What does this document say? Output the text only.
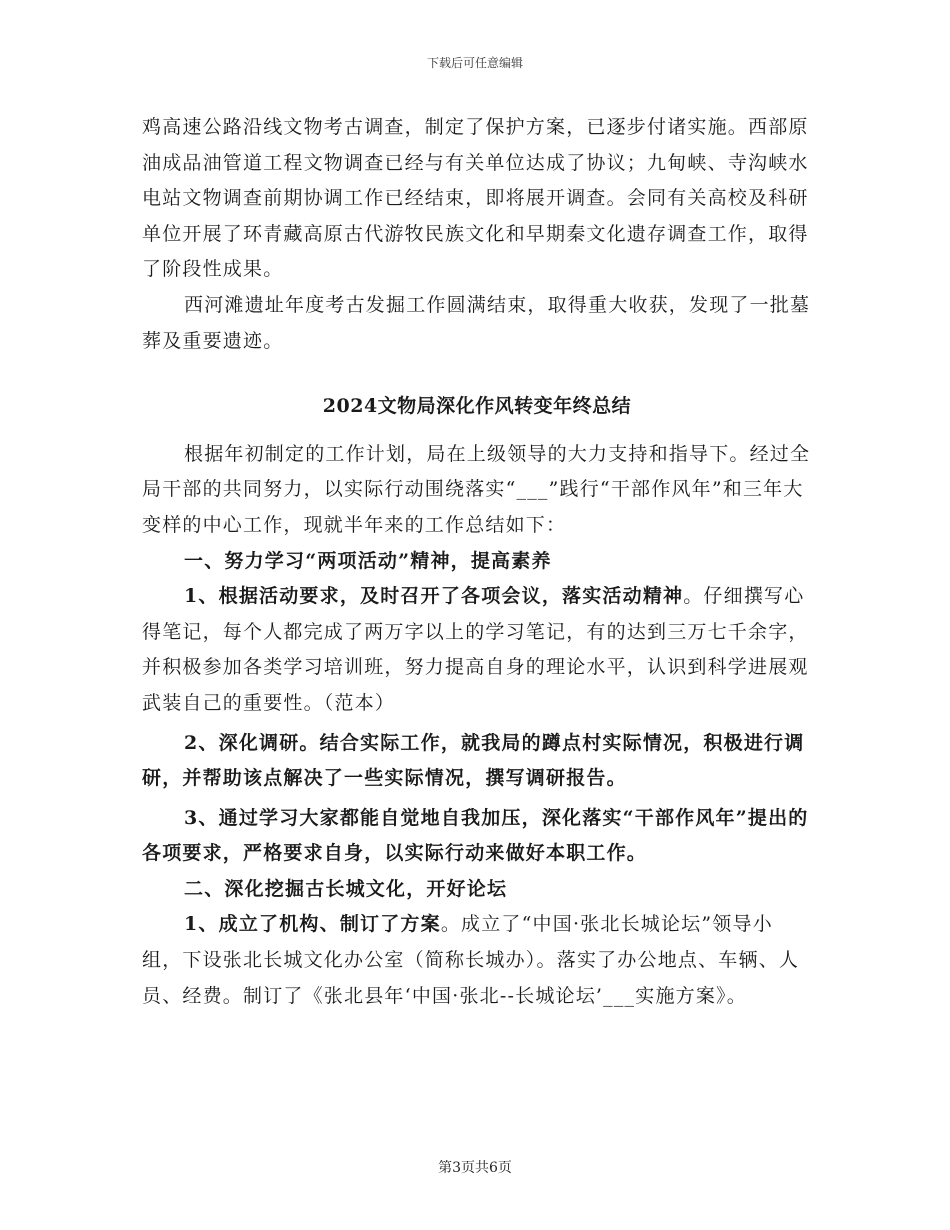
下载后可任意编辑

鸡高速公路沿线文物考古调查，制定了保护方案，已逐步付诸实施。西部原油成品油管道工程文物调查已经与有关单位达成了协议；九甸峡、寺沟峡水电站文物调查前期协调工作已经结束，即将展开调查。会同有关高校及科研单位开展了环青藏高原古代游牧民族文化和早期秦文化遗存调查工作，取得了阶段性成果。

西河滩遗址年度考古发掘工作圆满结束，取得重大收获，发现了一批墓葬及重要遗迹。

2024文物局深化作风转变年终总结

根据年初制定的工作计划，局在上级领导的大力支持和指导下。经过全局干部的共同努力，以实际行动围绕落实“___”践行“干部作风年”和三年大变样的中心工作，现就半年来的工作总结如下：

一、努力学习“两项活动”精神，提高素养

1、根据活动要求，及时召开了各项会议，落实活动精神。仔细撰写心得笔记，每个人都完成了两万字以上的学习笔记，有的达到三万七千余字，并积极参加各类学习培训班，努力提高自身的理论水平，认识到科学进展观武装自己的重要性。（范本）

2、深化调研。结合实际工作，就我局的蹲点村实际情况，积极进行调研，并帮助该点解决了一些实际情况，撰写调研报告。

3、通过学习大家都能自觉地自我加压，深化落实“干部作风年”提出的各项要求，严格要求自身，以实际行动来做好本职工作。

二、深化挖掘古长城文化，开好论坛

1、成立了机构、制订了方案。成立了“中国·张北长城论坛”领导小组，下设张北长城文化办公室（简称长城办）。落实了办公地点、车辆、人员、经费。制订了《张北县年‘中国·张北--长城论坛’___实施方案》。

第3页共6页
